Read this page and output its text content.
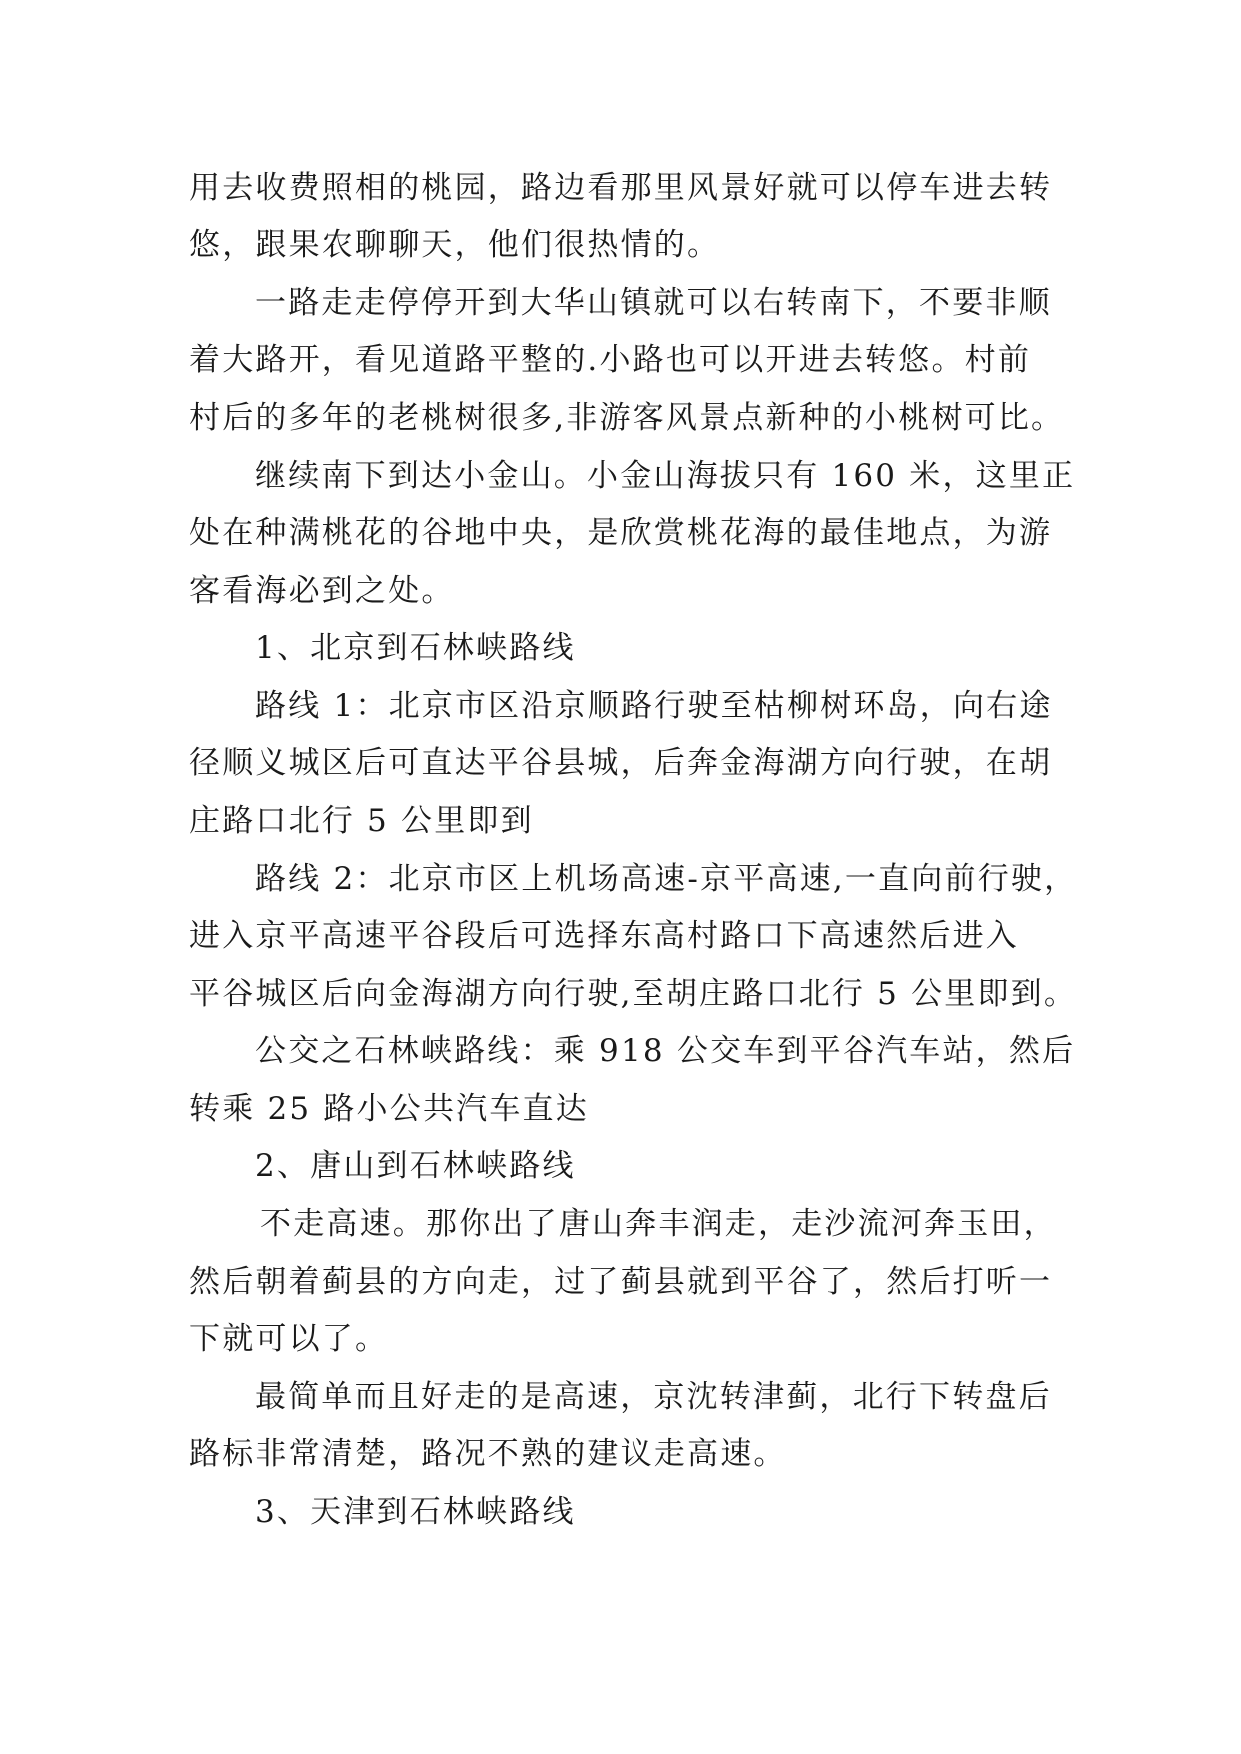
用去收费照相的桃园，路边看那里风景好就可以停车进去转
悠，跟果农聊聊天，他们很热情的。
一路走走停停开到大华山镇就可以右转南下，不要非顺
着大路开，看见道路平整的.小路也可以开进去转悠。村前
村后的多年的老桃树很多,非游客风景点新种的小桃树可比。
继续南下到达小金山。小金山海拔只有 160 米，这里正
处在种满桃花的谷地中央，是欣赏桃花海的最佳地点，为游
客看海必到之处。
1、北京到石林峡路线
路线 1：北京市区沿京顺路行驶至枯柳树环岛，向右途
径顺义城区后可直达平谷县城，后奔金海湖方向行驶，在胡
庄路口北行 5 公里即到
路线 2：北京市区上机场高速-京平高速,一直向前行驶，
进入京平高速平谷段后可选择东高村路口下高速然后进入
平谷城区后向金海湖方向行驶,至胡庄路口北行 5 公里即到。
公交之石林峡路线：乘 918 公交车到平谷汽车站，然后
转乘 25 路小公共汽车直达
2、唐山到石林峡路线
不走高速。那你出了唐山奔丰润走，走沙流河奔玉田，
然后朝着蓟县的方向走，过了蓟县就到平谷了，然后打听一
下就可以了。
最简单而且好走的是高速，京沈转津蓟，北行下转盘后
路标非常清楚，路况不熟的建议走高速。
3、天津到石林峡路线
